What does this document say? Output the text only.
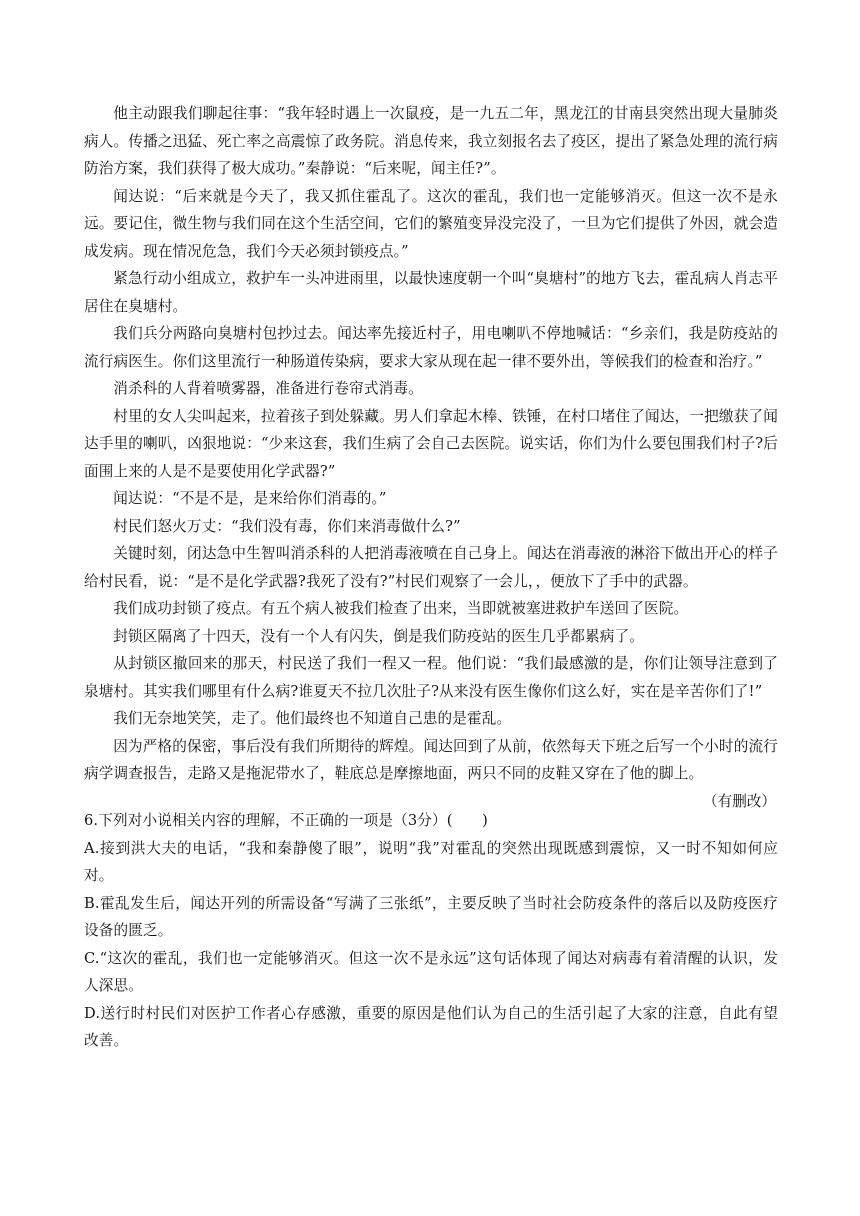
他主动跟我们聊起往事：“我年轻时遇上一次鼠疫，是一九五二年，黑龙江的甘南县突然出现大量肺炎病人。传播之迅猛、死亡率之高震惊了政务院。消息传来，我立刻报名去了疫区，提出了紧急处理的流行病防治方案，我们获得了极大成功。”秦静说：“后来呢，闻主任?”。

闻达说：“后来就是今天了，我又抓住霍乱了。这次的霍乱，我们也一定能够消灭。但这一次不是永远。要记住，微生物与我们同在这个生活空间，它们的繁殖变异没完没了，一旦为它们提供了外因，就会造成发病。现在情况危急，我们今天必须封锁疫点。”

紧急行动小组成立，救护车一头冲进雨里，以最快速度朝一个叫“臭塘村”的地方飞去，霍乱病人肖志平居住在臭塘村。

我们兵分两路向臭塘村包抄过去。闻达率先接近村子，用电喇叭不停地喊话：“乡亲们，我是防疫站的流行病医生。你们这里流行一种肠道传染病，要求大家从现在起一律不要外出，等候我们的检查和治疗。”

消杀科的人背着喷雾器，准备进行卷帘式消毒。

村里的女人尖叫起来，拉着孩子到处躲藏。男人们拿起木棒、铁锤，在村口堵住了闻达，一把缴获了闻达手里的喇叭，凶狠地说：“少来这套，我们生病了会自己去医院。说实话，你们为什么要包围我们村子?后面围上来的人是不是要使用化学武器?”

闻达说：“不是不是，是来给你们消毒的。”

村民们怒火万丈：“我们没有毒，你们来消毒做什么?”

关键时刻，闭达急中生智叫消杀科的人把消毒液喷在自己身上。闻达在消毒液的淋浴下做出开心的样子给村民看，说：“是不是化学武器?我死了没有?”村民们观察了一会儿，，便放下了手中的武器。

我们成功封锁了疫点。有五个病人被我们检查了出来，当即就被塞进救护车送回了医院。

封锁区隔离了十四天，没有一个人有闪失，倒是我们防疫站的医生几乎都累病了。

从封锁区撤回来的那天，村民送了我们一程又一程。他们说：“我们最感激的是，你们让领导注意到了泉塘村。其实我们哪里有什么病?谁夏天不拉几次肚子?从来没有医生像你们这么好，实在是辛苦你们了!”

我们无奈地笑笑，走了。他们最终也不知道自己患的是霍乱。

因为严格的保密，事后没有我们所期待的辉煌。闻达回到了从前，依然每天下班之后写一个小时的流行病学调查报告，走路又是拖泥带水了，鞋底总是摩擦地面，两只不同的皮鞋又穿在了他的脚上。

（有删改）

6.下列对小说相关内容的理解，不正确的一项是（3分）(　　)

A.接到洪大夫的电话，“我和秦静傻了眼”，说明“我”对霍乱的突然出现既感到震惊，又一时不知如何应对。

B.霍乱发生后，闻达开列的所需设备“写满了三张纸”，主要反映了当时社会防疫条件的落后以及防疫医疗设备的匮乏。

C.“这次的霍乱，我们也一定能够消灭。但这一次不是永远”这句话体现了闻达对病毒有着清醒的认识，发人深思。

D.送行时村民们对医护工作者心存感激，重要的原因是他们认为自己的生活引起了大家的注意，自此有望改善。
